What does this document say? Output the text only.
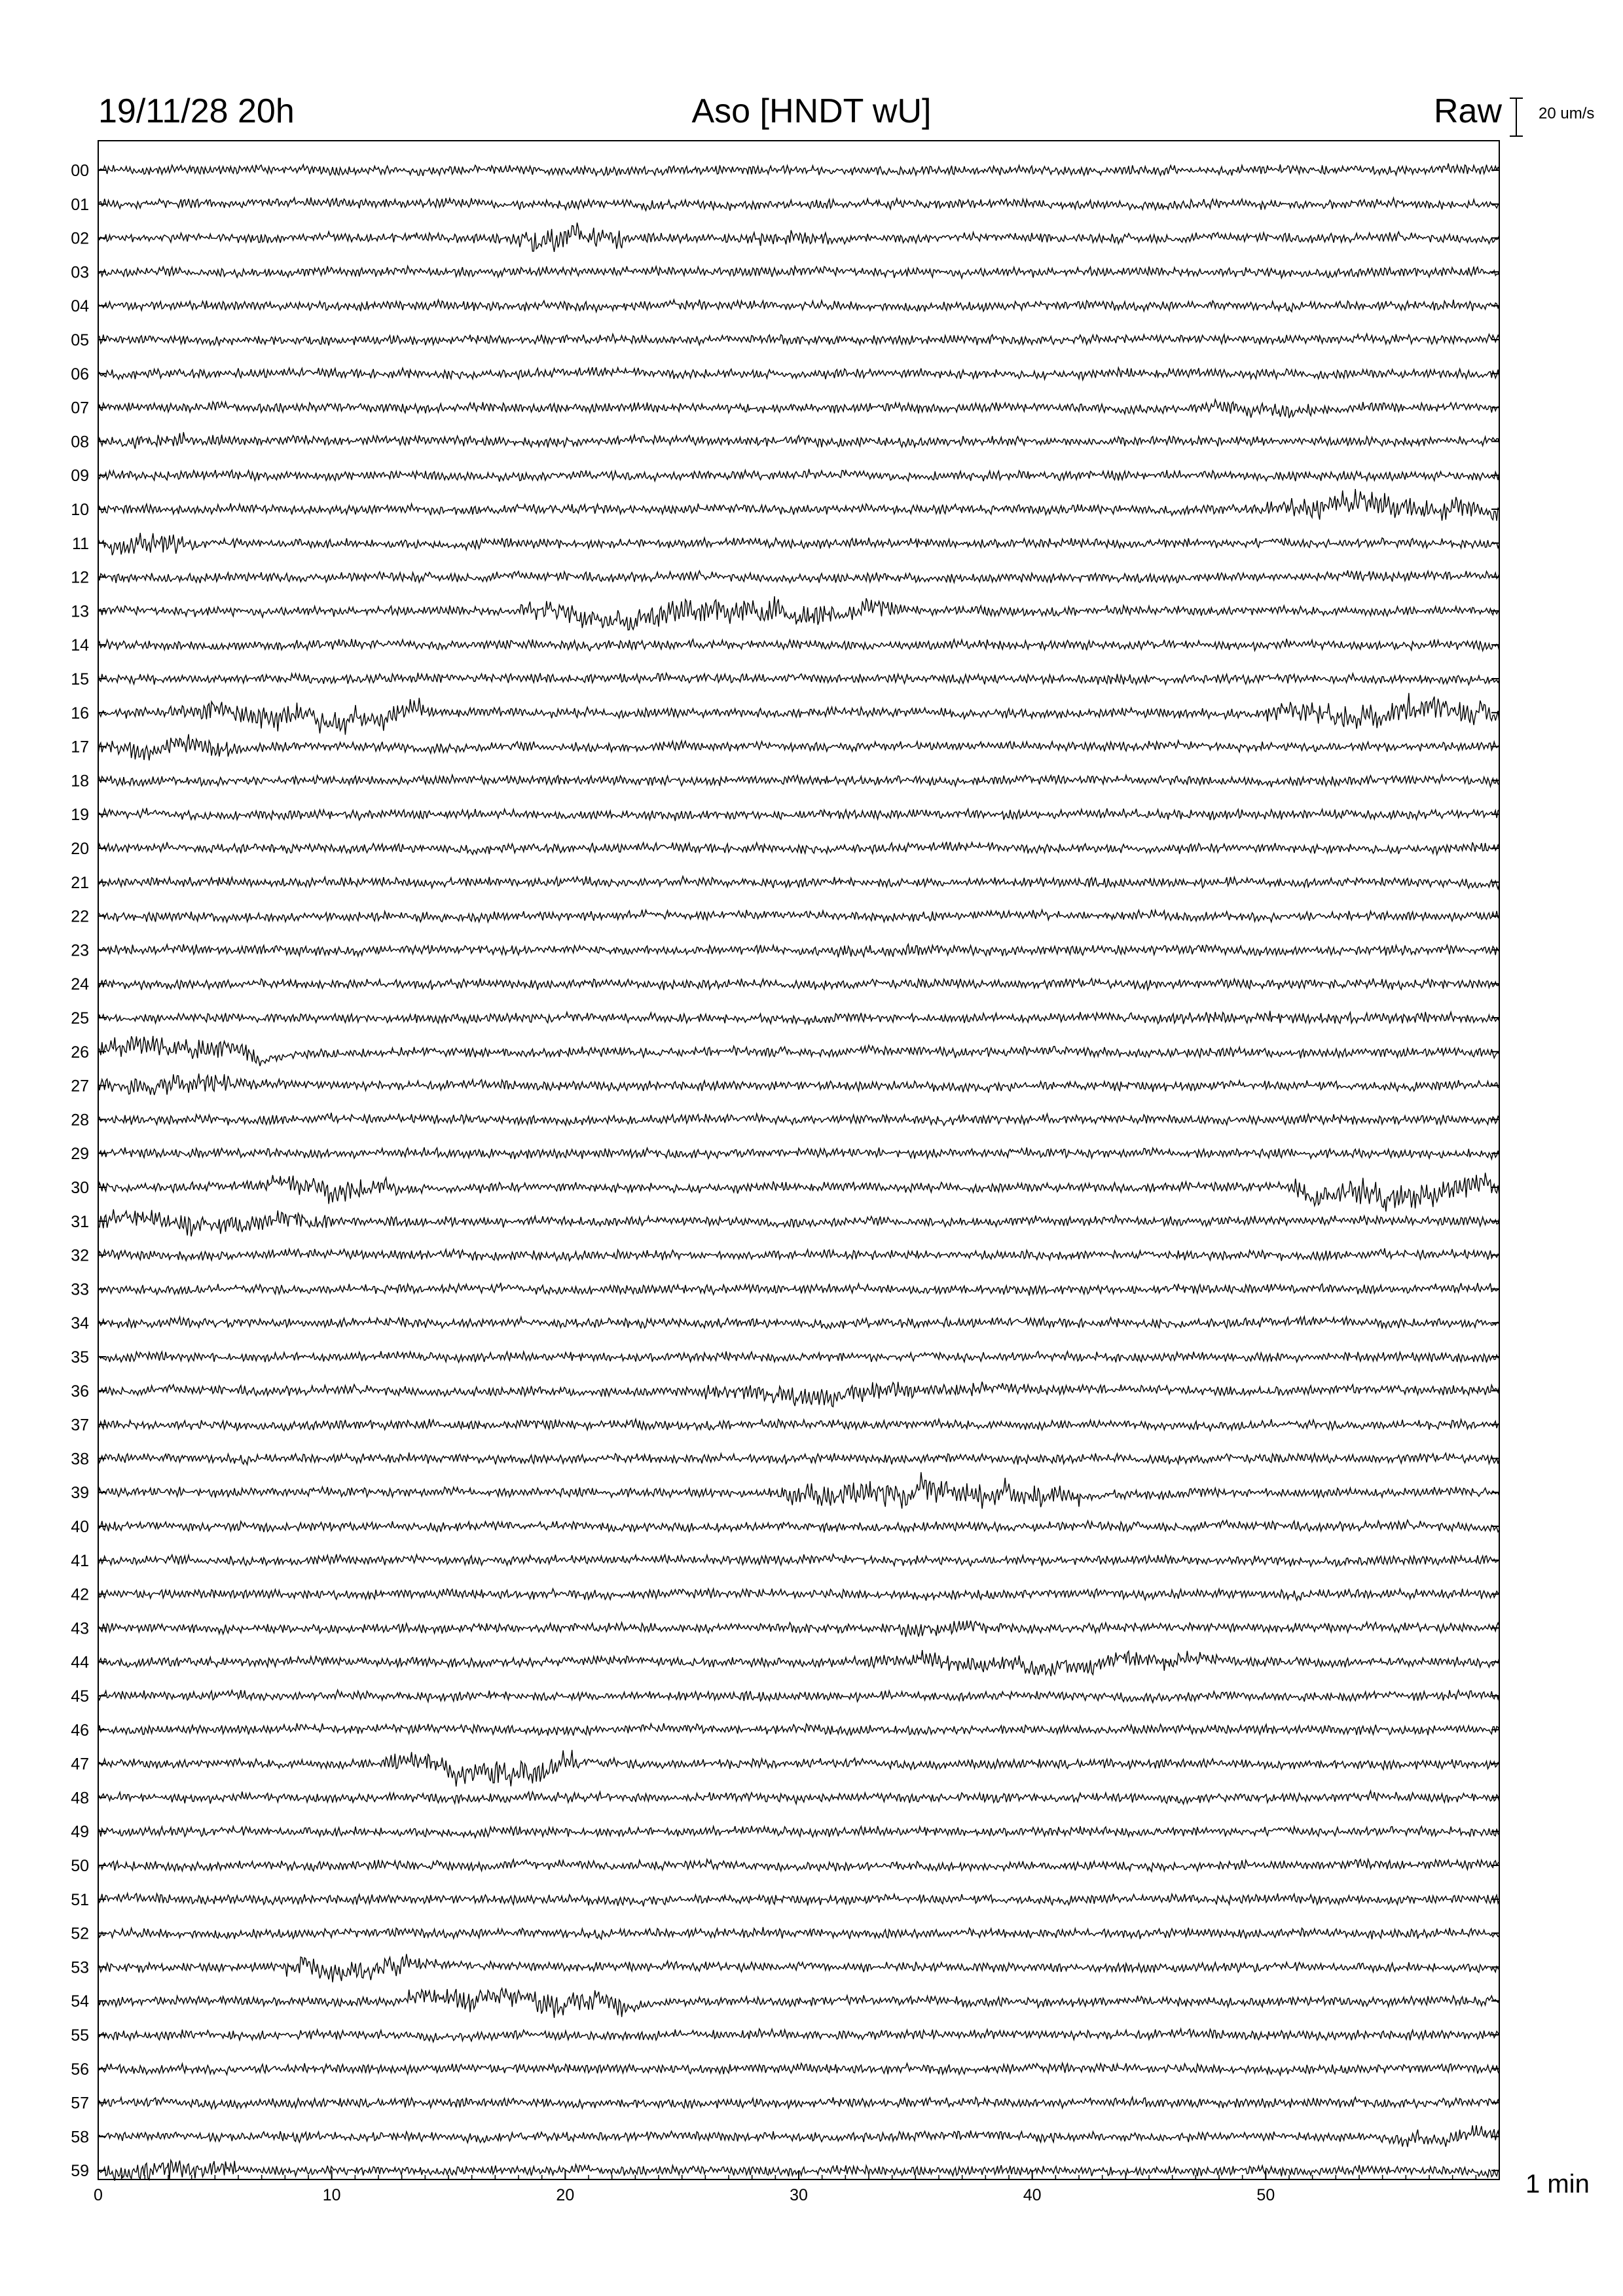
00
01
02
03
04
05
06
07
08
09
10
11
12
13
14
15
16
17
18
19
20
21
22
23
24
25
26
27
28
29
30
31
32
33
34
35
36
37
38
39
40
41
42
43
44
45
46
47
48
49
50
51
52
53
54
55
56
57
58
59
0	10	20	30	40	50
19/11/28 20h	Aso [HNDT wU]	Raw 20 um/s
1 min
